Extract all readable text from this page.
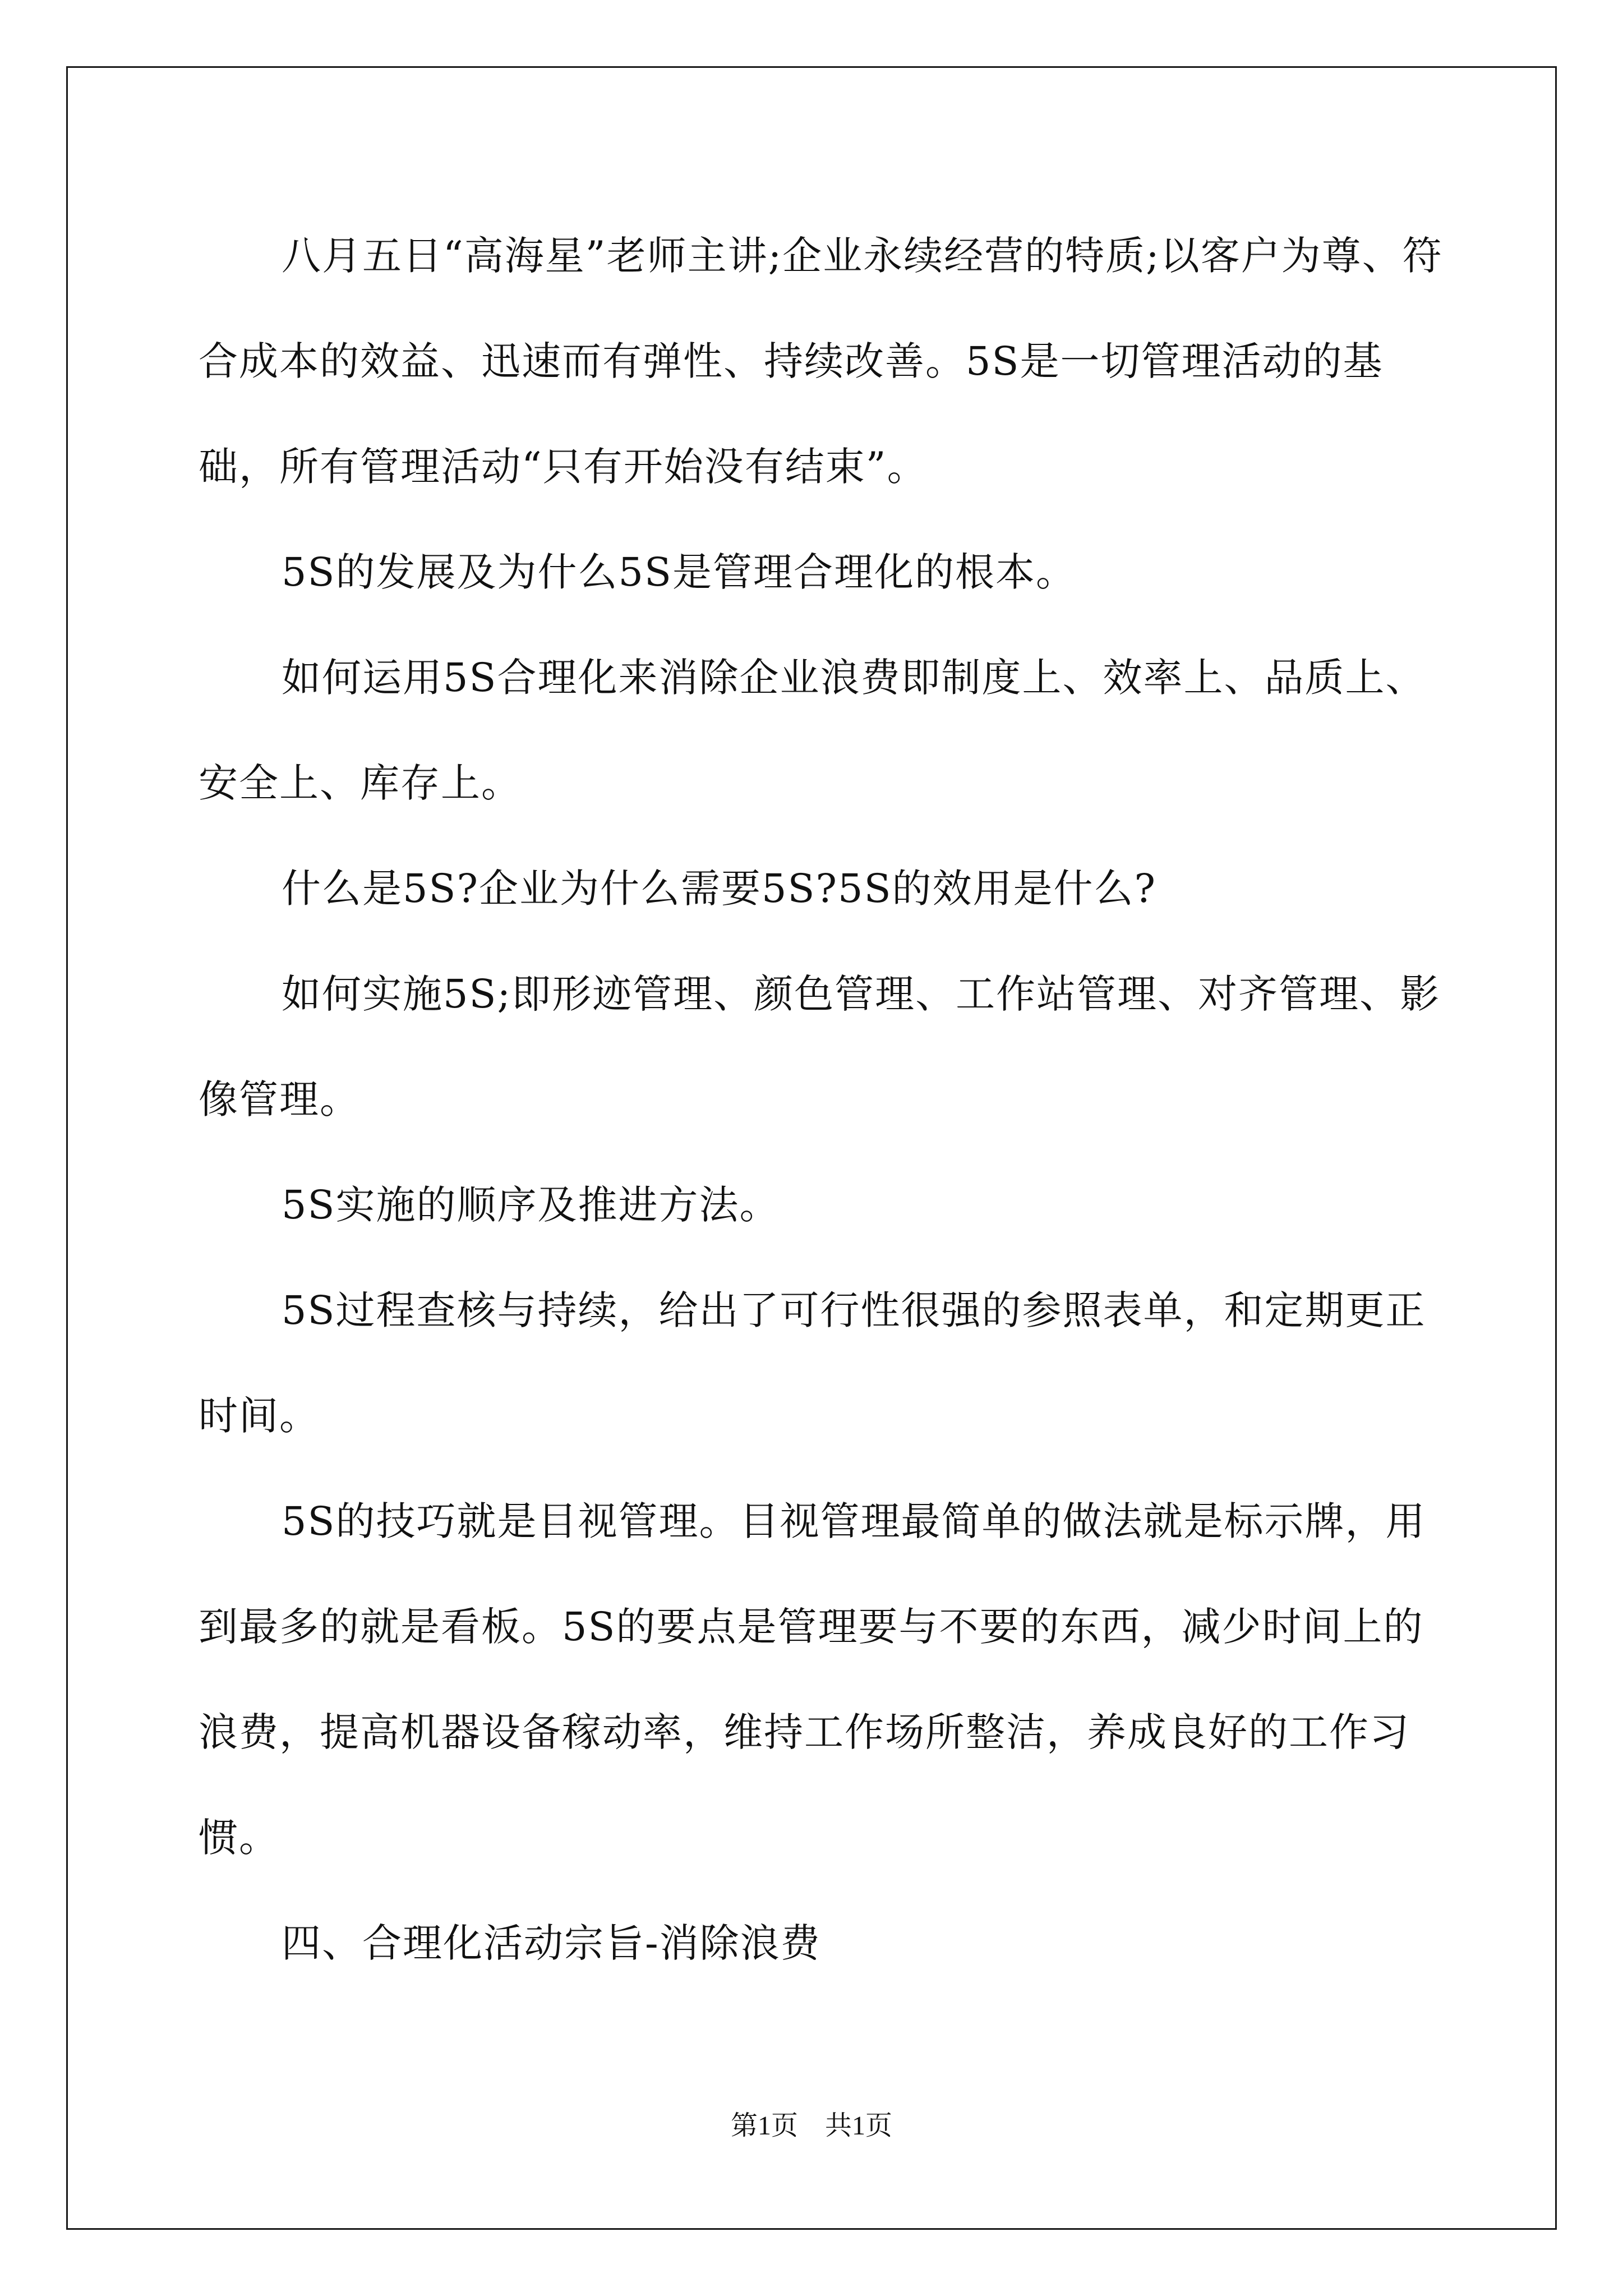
八月五日“高海星”老师主讲;企业永续经营的特质;以客户为尊、符合成本的效益、迅速而有弹性、持续改善。5S是一切管理活动的基础，所有管理活动“只有开始没有结束”。

5S的发展及为什么5S是管理合理化的根本。

如何运用5S合理化来消除企业浪费即制度上、效率上、品质上、安全上、库存上。

什么是5S?企业为什么需要5S?5S的效用是什么?

如何实施5S;即形迹管理、颜色管理、工作站管理、对齐管理、影像管理。

5S实施的顺序及推进方法。

5S过程查核与持续，给出了可行性很强的参照表单，和定期更正时间。

5S的技巧就是目视管理。目视管理最简单的做法就是标示牌，用到最多的就是看板。5S的要点是管理要与不要的东西，减少时间上的浪费，提高机器设备稼动率，维持工作场所整洁，养成良好的工作习惯。

四、合理化活动宗旨-消除浪费

第1页　共1页
